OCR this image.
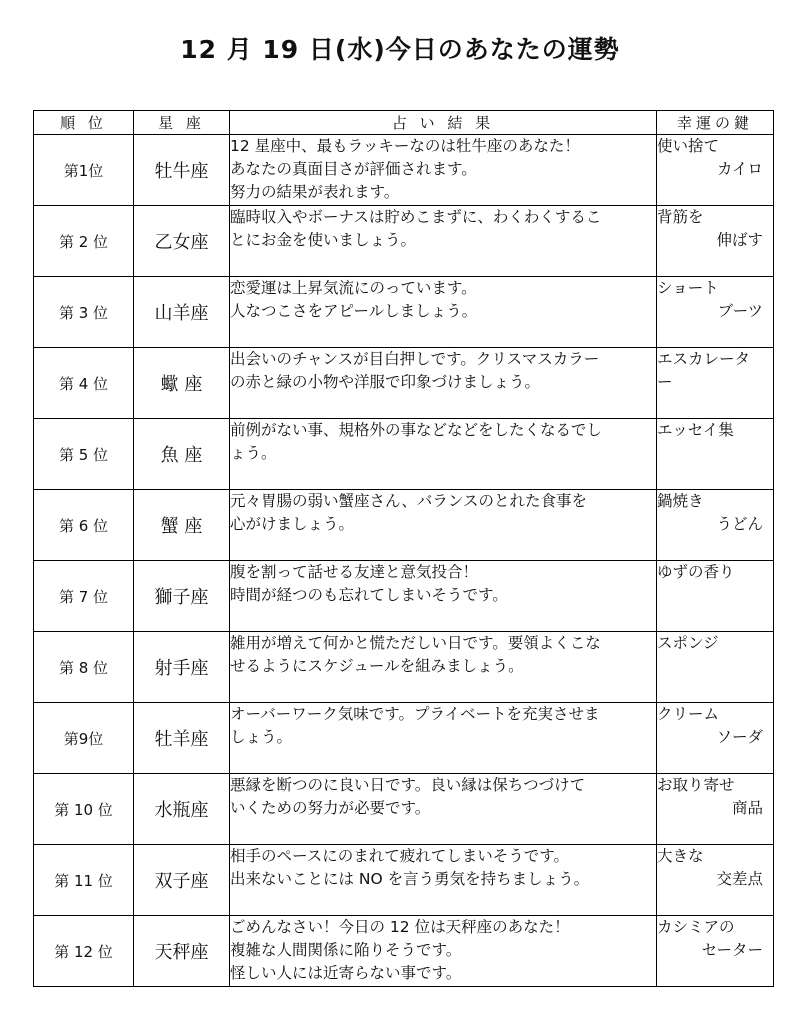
12 月 19 日(水)今日のあなたの運勢
順 位	星 座	占 い 結 果	幸運の鍵
第1位	牡牛座	12 星座中、最もラッキーなのは牡牛座のあなた！
あなたの真面目さが評価されます。
努力の結果が表れます。	使い捨て
カイロ

第 2 位	乙女座	臨時収入やボーナスは貯めこまずに、わくわくするこ
とにお金を使いましょう。	背筋を
伸ばす

第 3 位	山羊座	恋愛運は上昇気流にのっています。
人なつこさをアピールしましょう。	ショート
ブーツ

第 4 位	蠍 座	出会いのチャンスが目白押しです。クリスマスカラー
の赤と緑の小物や洋服で印象づけましょう。	エスカレータ
ー

第 5 位	魚 座	前例がない事、規格外の事などなどをしたくなるでし
ょう。	エッセイ集

第 6 位	蟹 座	元々胃腸の弱い蟹座さん、バランスのとれた食事を
心がけましょう。	鍋焼き
うどん

第 7 位	獅子座	腹を割って話せる友達と意気投合！
時間が経つのも忘れてしまいそうです。	ゆずの香り

第 8 位	射手座	雑用が増えて何かと慌ただしい日です。要領よくこな
せるようにスケジュールを組みましょう。	スポンジ

第9位	牡羊座	オーバーワーク気味です。プライベートを充実させま
しょう。	クリーム
ソーダ

第 10 位	水瓶座	悪縁を断つのに良い日です。良い縁は保ちつづけて
いくための努力が必要です。	お取り寄せ
商品

第 11 位	双子座	相手のペースにのまれて疲れてしまいそうです。
出来ないことには NO を言う勇気を持ちましょう。	大きな
交差点

第 12 位	天秤座	ごめんなさい！今日の 12 位は天秤座のあなた！
複雑な人間関係に陥りそうです。
怪しい人には近寄らない事です。	カシミアの
セーター
